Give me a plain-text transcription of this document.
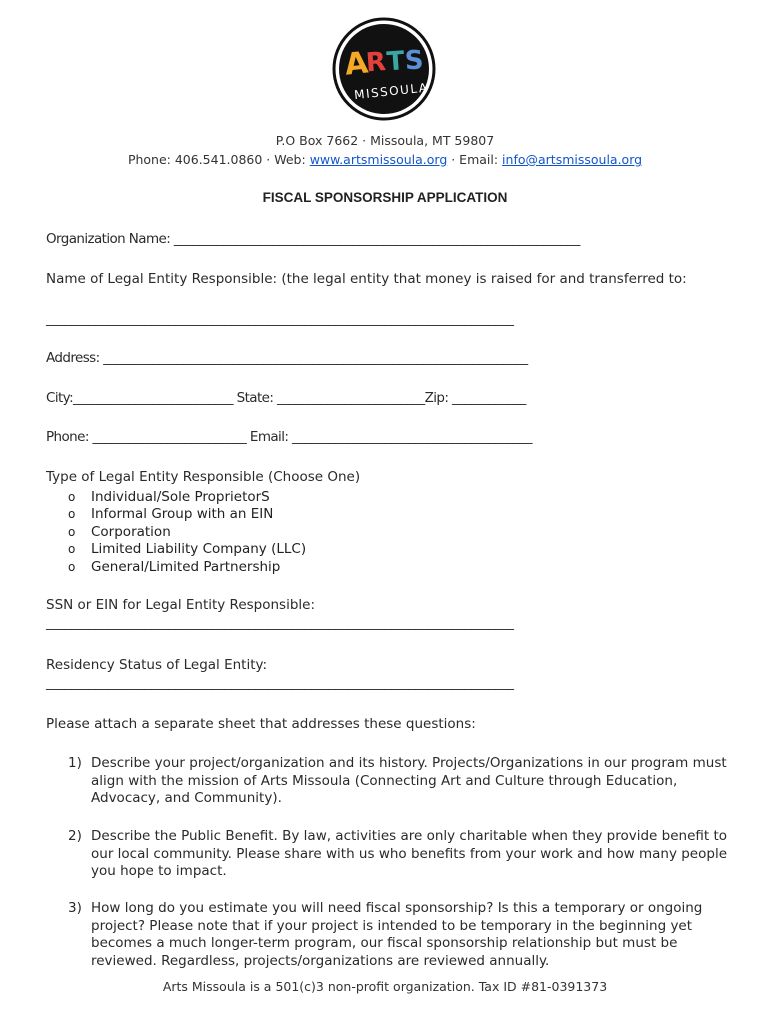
A
R
T
S
MISSOULA
P.O Box 7662 · Missoula, MT 59807
Phone: 406.541.0860 · Web: www.artsmissoula.org · Email: info@artsmissoula.org
FISCAL SPONSORSHIP APPLICATION
Organization Name: __________________________________________________________________
Name of Legal Entity Responsible: (the legal entity that money is raised for and transferred to:
____________________________________________________________________________
Address: _____________________________________________________________________
City:__________________________ State: ________________________Zip: ____________
Phone: _________________________ Email: _______________________________________
Type of Legal Entity Responsible (Choose One)
o Individual/Sole ProprietorS
o Informal Group with an EIN
o Corporation
o Limited Liability Company (LLC)
o General/Limited Partnership
SSN or EIN for Legal Entity Responsible:
____________________________________________________________________________
Residency Status of Legal Entity:
____________________________________________________________________________
Please attach a separate sheet that addresses these questions:
1) Describe your project/organization and its history. Projects/Organizations in our program must align with the mission of Arts Missoula (Connecting Art and Culture through Education, Advocacy, and Community).
2) Describe the Public Benefit. By law, activities are only charitable when they provide benefit to our local community. Please share with us who benefits from your work and how many people you hope to impact.
3) How long do you estimate you will need fiscal sponsorship? Is this a temporary or ongoing project? Please note that if your project is intended to be temporary in the beginning yet becomes a much longer-term program, our fiscal sponsorship relationship but must be reviewed. Regardless, projects/organizations are reviewed annually.
Arts Missoula is a 501(c)3 non-profit organization. Tax ID #81-0391373
